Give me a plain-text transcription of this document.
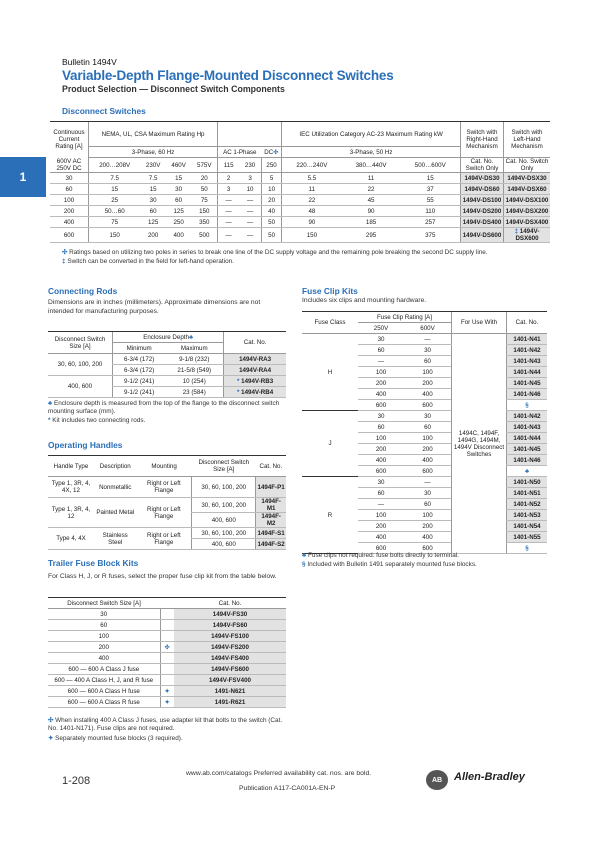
Bulletin 1494V
Variable-Depth Flange-Mounted Disconnect Switches
Product Selection — Disconnect Switch Components
1
Disconnect Switches
Continuous Current Rating [A]	NEMA, UL, CSA Maximum Rating Hp							IEC Utilization Category AC-23 Maximum Rating kW			Switch with Right-Hand Mechanism	Switch with Left-Hand Mechanism
	3-Phase, 60 Hz				AC 1-Phase		DC✣	3-Phase, 50 Hz				
600V AC 250V DC	200…208V	230V	460V	575V	115	230	250	220…240V	380…440V	500…600V	Cat. No. Switch Only	Cat. No. Switch Only
30	7.5	7.5	15	20	2	3	5	5.5	11	15	1494V-DS30	1494V-DSX30
60	15	15	30	50	3	10	10	11	22	37	1494V-DS60	1494V-DSX60
100	25	30	60	75	—	—	20	22	45	55	1494V-DS100	1494V-DSX100
200	50…60	60	125	150	—	—	40	48	90	110	1494V-DS200	1494V-DSX200
400	75	125	250	350	—	—	50	90	185	257	1494V-DS400	1494V-DSX400
600	150	200	400	500	—	—	50	150	295	375	1494V-DS600	‡ 1494V-DSX600
✣ Ratings based on utilizing two poles in series to break one line of the DC supply voltage and the remaining pole breaking the second DC supply line.
‡ Switch can be converted in the field for left-hand operation.
Connecting Rods
Dimensions are in inches (millimeters). Approximate dimensions are not intended for manufacturing purposes.
Disconnect Switch Size [A]	Enclosure Depth♣		Cat. No.
	Minimum	Maximum	
30, 60, 100, 200	6-3/4 (172)	9-1/8 (232)	1494V-RA3
	6-3/4 (172)	21-5/8 (549)	1494V-RA4
400, 600	9-1/2 (241)	10 (254)	* 1494V-RB3
	9-1/2 (241)	23 (584)	* 1494V-RB4
♣ Enclosure depth is measured from the top of the flange to the disconnect switch mounting surface (mm).
* Kit includes two connecting rods.
Operating Handles
Handle Type	Description	Mounting	Disconnect Switch Size [A]	Cat. No.
Type 1, 3R, 4, 4X, 12	Nonmetallic	Right or Left Flange	30, 60, 100, 200	1494F-P1
Type 1, 3R, 4, 12	Painted Metal	Right or Left Flange	30, 60, 100, 200	1494F-M1
			400, 600	1494F-M2
Type 4, 4X	Stainless Steel	Right or Left Flange	30, 60, 100, 200	1494F-S1
			400, 600	1494F-S2
Trailer Fuse Block Kits
For Class H, J, or R fuses, select the proper fuse clip kit from the table below.
Disconnect Switch Size [A]		Cat. No.
30		1494V-FS30
60		1494V-FS60
100		1494V-FS100
200	✣	1494V-FS200
400		1494V-FS400
600 — 600 A Class J fuse		1494V-FS600
600 — 400 A Class H, J, and R fuse		1494V-FSV400
600 — 600 A Class H fuse	✦	1491-N621
600 — 600 A Class R fuse	✦	1491-R621
✣ When installing 400 A Class J fuses, use adapter kit that bolts to the switch (Cat. No. 1401-N171). Fuse clips are not required.
✦ Separately mounted fuse blocks (3 required).
Fuse Clip Kits
Includes six clips and mounting hardware.
Fuse Class	Fuse Clip Rating [A]		For Use With	Cat. No.
	250V	600V		
H	30	—	1494C, 1494F, 1494G, 1494M, 1494V Disconnect Switches	1401-N41
	60	30		1401-N42
	—	60		1401-N43
	100	100		1401-N44
	200	200		1401-N45
	400	400		1401-N46
	600	600		§
J	30	30		1401-N42
	60	60		1401-N43
	100	100		1401-N44
	200	200		1401-N45
	400	400		1401-N46
	600	600		♣
R	30	—		1401-N50
	60	30		1401-N51
	—	60		1401-N52
	100	100		1401-N53
	200	200		1401-N54
	400	400		1401-N55
	600	600		§
♣ Fuse clips not required: fuse bolts directly to terminal.
§ Included with Bulletin 1491 separately mounted fuse blocks.
1-208
www.ab.com/catalogs Preferred availability cat. nos. are bold.
Publication A117-CA001A-EN-P
AB	Allen-Bradley
